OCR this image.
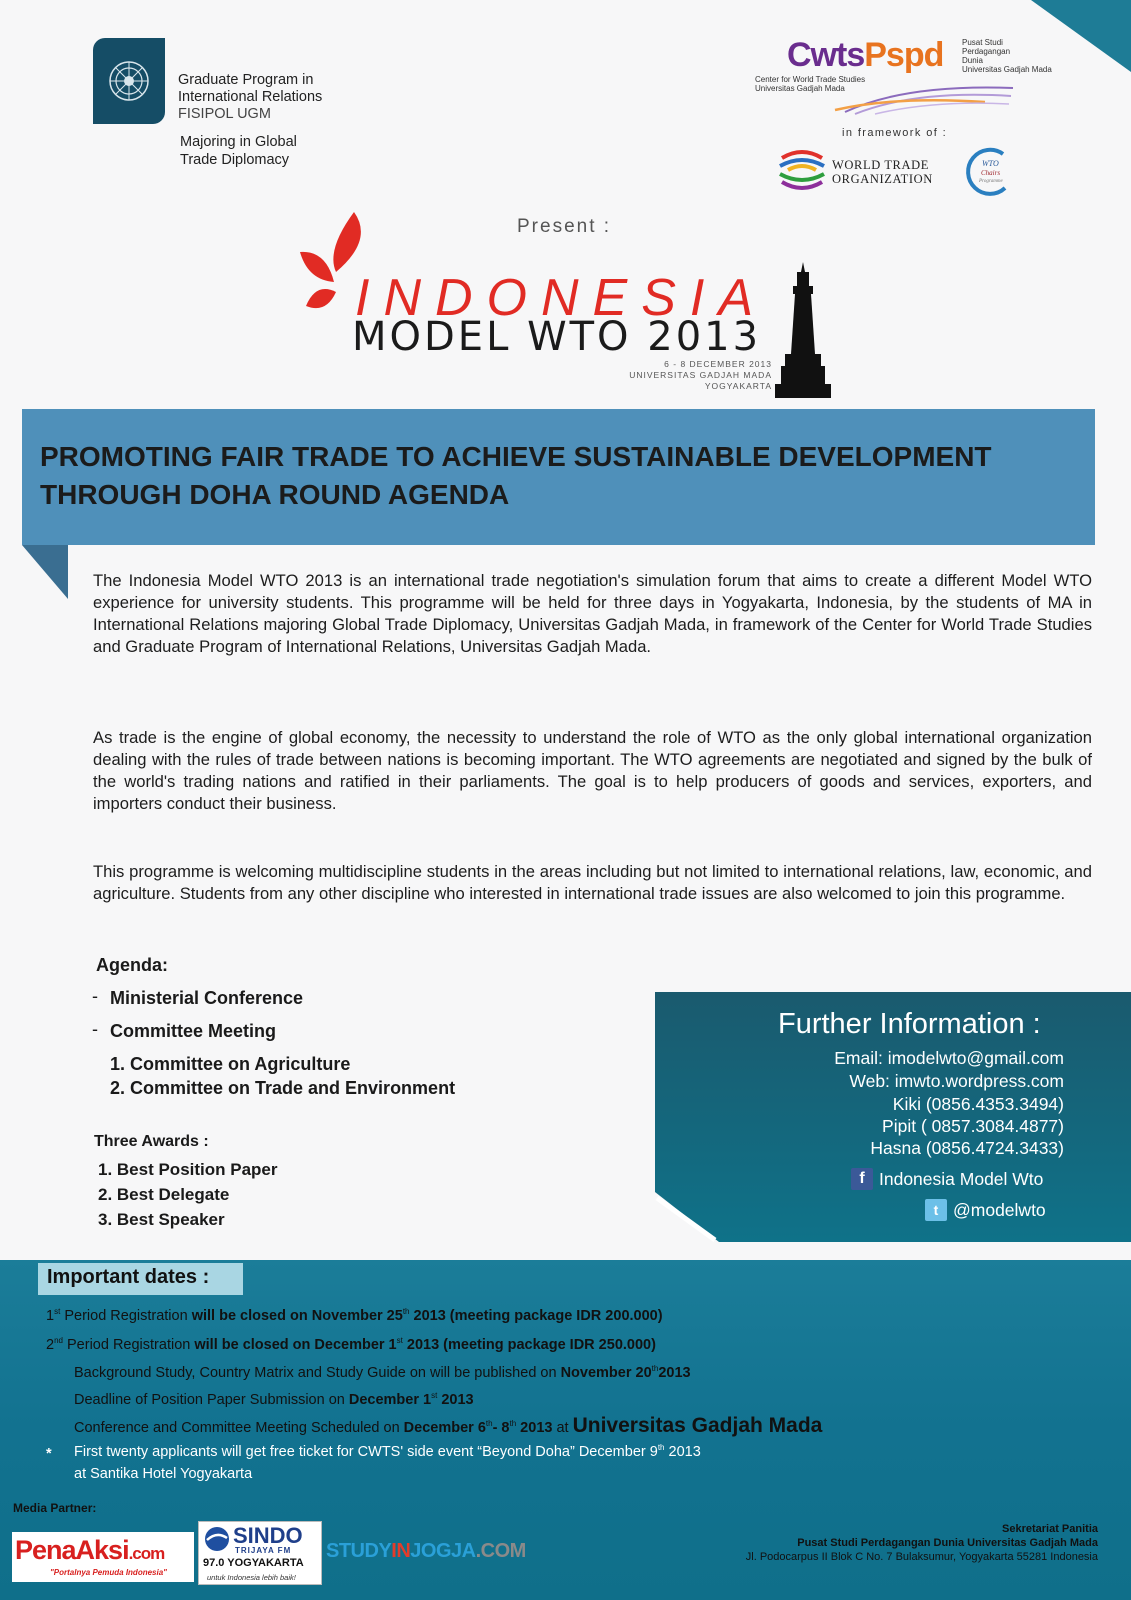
Graduate Program in
International Relations
FISIPOL UGM
Majoring in Global
Trade Diplomacy
CwtsPspd Pusat Studi
Perdagangan
Dunia
Universitas Gadjah Mada
Center for World Trade Studies
Universitas Gadjah Mada
in framework of :
WORLD TRADE
ORGANIZATION
WTO
Chairs
Programme
Present :
INDONESIA
MODEL WTO 2013
6 - 8 DECEMBER 2013
UNIVERSITAS GADJAH MADA
YOGYAKARTA
PROMOTING FAIR TRADE TO ACHIEVE SUSTAINABLE DEVELOPMENT
THROUGH DOHA ROUND AGENDA

The Indonesia Model WTO 2013 is an international trade negotiation's simulation forum that aims to create a different Model WTO experience for university students. This programme will be held for three days in Yogyakarta, Indonesia, by the students of MA in International Relations majoring Global Trade Diplomacy, Universitas Gadjah Mada, in framework of the Center for World Trade Studies and Graduate Program of International Relations, Universitas Gadjah Mada.

As trade is the engine of global economy, the necessity to understand the role of WTO as the only global international organization dealing with the rules of trade between nations is becoming important. The WTO agreements are negotiated and signed by the bulk of the world's trading nations and ratified in their parliaments. The goal is to help producers of goods and services, exporters, and importers conduct their business.

This programme is welcoming multidiscipline students in the areas including but not limited to international relations, law, economic, and agriculture. Students from any other discipline who interested in international trade issues are also welcomed to join this programme.

Agenda:
- Ministerial Conference
- Committee Meeting
1. Committee on Agriculture
2. Committee on Trade and Environment
Three Awards :
1. Best Position Paper
2. Best Delegate
3. Best Speaker
Further Information :
Email: imodelwto@gmail.com
Web: imwto.wordpress.com
Kiki (0856.4353.3494)
Pipit ( 0857.3084.4877)
Hasna (0856.4724.3433)
f Indonesia Model Wto
t @modelwto
Important dates :
1st Period Registration will be closed on November 25th 2013 (meeting package IDR 200.000)
2nd Period Registration will be closed on December 1st 2013 (meeting package IDR 250.000)
Background Study, Country Matrix and Study Guide on will be published on November 20th2013
Deadline of Position Paper Submission on December 1st 2013
Conference and Committee Meeting Scheduled on December 6th- 8th 2013 at Universitas Gadjah Mada
* First twenty applicants will get free ticket for CWTS' side event “Beyond Doha” December 9th 2013
at Santika Hotel Yogyakarta
Media Partner:
PenaAksi.com
"Portalnya Pemuda Indonesia"
SINDO
TRIJAYA FM
97.0 YOGYAKARTA
untuk Indonesia lebih baik!
STUDYINJOGJA.COM
Sekretariat Panitia
Pusat Studi Perdagangan Dunia Universitas Gadjah Mada
Jl. Podocarpus II Blok C No. 7 Bulaksumur, Yogyakarta 55281 Indonesia
